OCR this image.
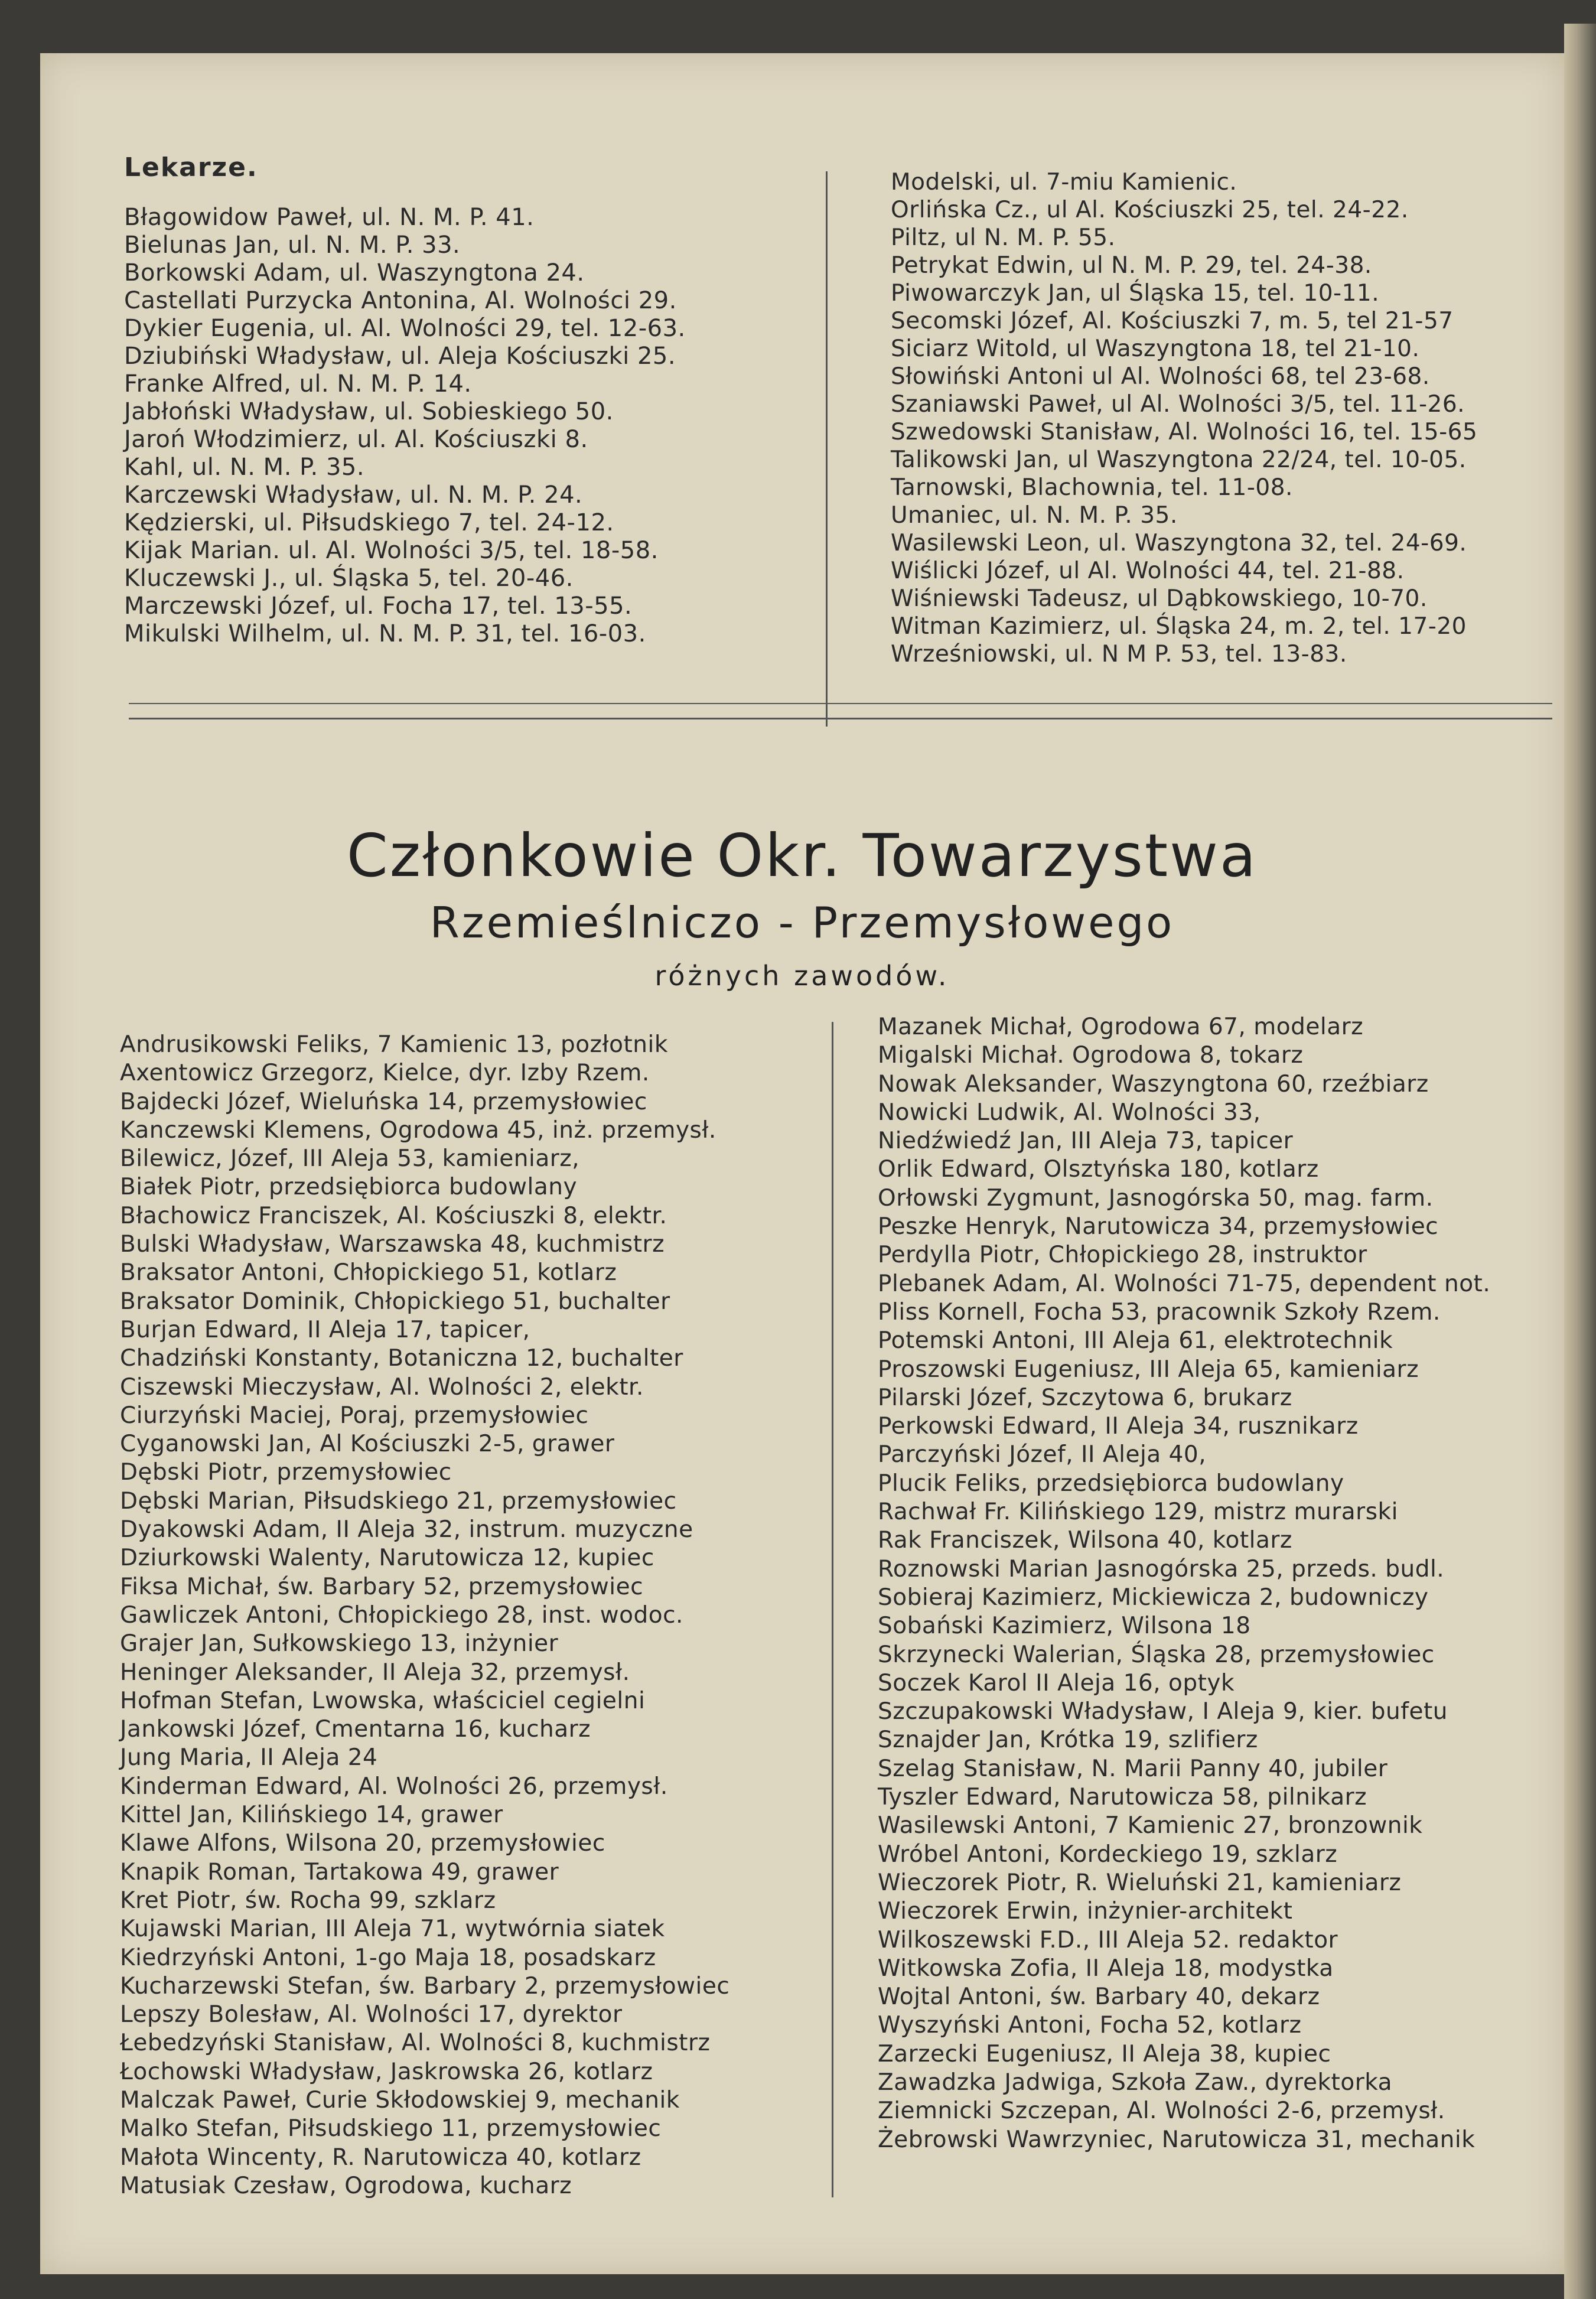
Lekarze.
Błagowidow Paweł, ul. N. M. P. 41.
Bielunas Jan, ul. N. M. P. 33.
Borkowski Adam, ul. Waszyngtona 24.
Castellati Purzycka Antonina, Al. Wolności 29.
Dykier Eugenia, ul. Al. Wolności 29, tel. 12-63.
Dziubiński Władysław, ul. Aleja Kościuszki 25.
Franke Alfred, ul. N. M. P. 14.
Jabłoński Władysław, ul. Sobieskiego 50.
Jaroń Włodzimierz, ul. Al. Kościuszki 8.
Kahl, ul. N. M. P. 35.
Karczewski Władysław, ul. N. M. P. 24.
Kędzierski, ul. Piłsudskiego 7, tel. 24-12.
Kijak Marian. ul. Al. Wolności 3/5, tel. 18-58.
Kluczewski J., ul. Śląska 5, tel. 20-46.
Marczewski Józef, ul. Focha 17, tel. 13-55.
Mikulski Wilhelm, ul. N. M. P. 31, tel. 16-03.
Modelski, ul. 7-miu Kamienic.
Orlińska Cz., ul Al. Kościuszki 25, tel. 24-22.
Piltz, ul N. M. P. 55.
Petrykat Edwin, ul N. M. P. 29, tel. 24-38.
Piwowarczyk Jan, ul Śląska 15, tel. 10-11.
Secomski Józef, Al. Kościuszki 7, m. 5, tel 21-57
Siciarz Witold, ul Waszyngtona 18, tel 21-10.
Słowiński Antoni ul Al. Wolności 68, tel 23-68.
Szaniawski Paweł, ul Al. Wolności 3/5, tel. 11-26.
Szwedowski Stanisław, Al. Wolności 16, tel. 15-65
Talikowski Jan, ul Waszyngtona 22/24, tel. 10-05.
Tarnowski, Blachownia, tel. 11-08.
Umaniec, ul. N. M. P. 35.
Wasilewski Leon, ul. Waszyngtona 32, tel. 24-69.
Wiślicki Józef, ul Al. Wolności 44, tel. 21-88.
Wiśniewski Tadeusz, ul Dąbkowskiego, 10-70.
Witman Kazimierz, ul. Śląska 24, m. 2, tel. 17-20
Wrześniowski, ul. N M P. 53, tel. 13-83.
Członkowie Okr. Towarzystwa
Rzemieślniczo - Przemysłowego
różnych zawodów.
Andrusikowski Feliks, 7 Kamienic 13, pozłotnik
Axentowicz Grzegorz, Kielce, dyr. Izby Rzem.
Bajdecki Józef, Wieluńska 14, przemysłowiec
Kanczewski Klemens, Ogrodowa 45, inż. przemysł.
Bilewicz, Józef, III Aleja 53, kamieniarz,
Białek Piotr, przedsiębiorca budowlany
Błachowicz Franciszek, Al. Kościuszki 8, elektr.
Bulski Władysław, Warszawska 48, kuchmistrz
Braksator Antoni, Chłopickiego 51, kotlarz
Braksator Dominik, Chłopickiego 51, buchalter
Burjan Edward, II Aleja 17, tapicer,
Chadziński Konstanty, Botaniczna 12, buchalter
Ciszewski Mieczysław, Al. Wolności 2, elektr.
Ciurzyński Maciej, Poraj, przemysłowiec
Cyganowski Jan, Al Kościuszki 2-5, grawer
Dębski Piotr, przemysłowiec
Dębski Marian, Piłsudskiego 21, przemysłowiec
Dyakowski Adam, II Aleja 32, instrum. muzyczne
Dziurkowski Walenty, Narutowicza 12, kupiec
Fiksa Michał, św. Barbary 52, przemysłowiec
Gawliczek Antoni, Chłopickiego 28, inst. wodoc.
Grajer Jan, Sułkowskiego 13, inżynier
Heninger Aleksander, II Aleja 32, przemysł.
Hofman Stefan, Lwowska, właściciel cegielni
Jankowski Józef, Cmentarna 16, kucharz
Jung Maria, II Aleja 24
Kinderman Edward, Al. Wolności 26, przemysł.
Kittel Jan, Kilińskiego 14, grawer
Klawe Alfons, Wilsona 20, przemysłowiec
Knapik Roman, Tartakowa 49, grawer
Kret Piotr, św. Rocha 99, szklarz
Kujawski Marian, III Aleja 71, wytwórnia siatek
Kiedrzyński Antoni, 1-go Maja 18, posadskarz
Kucharzewski Stefan, św. Barbary 2, przemysłowiec
Lepszy Bolesław, Al. Wolności 17, dyrektor
Łebedzyński Stanisław, Al. Wolności 8, kuchmistrz
Łochowski Władysław, Jaskrowska 26, kotlarz
Malczak Paweł, Curie Skłodowskiej 9, mechanik
Malko Stefan, Piłsudskiego 11, przemysłowiec
Małota Wincenty, R. Narutowicza 40, kotlarz
Matusiak Czesław, Ogrodowa, kucharz
Mazanek Michał, Ogrodowa 67, modelarz
Migalski Michał. Ogrodowa 8, tokarz
Nowak Aleksander, Waszyngtona 60, rzeźbiarz
Nowicki Ludwik, Al. Wolności 33,
Niedźwiedź Jan, III Aleja 73, tapicer
Orlik Edward, Olsztyńska 180, kotlarz
Orłowski Zygmunt, Jasnogórska 50, mag. farm.
Peszke Henryk, Narutowicza 34, przemysłowiec
Perdylla Piotr, Chłopickiego 28, instruktor
Plebanek Adam, Al. Wolności 71-75, dependent not.
Pliss Kornell, Focha 53, pracownik Szkoły Rzem.
Potemski Antoni, III Aleja 61, elektrotechnik
Proszowski Eugeniusz, III Aleja 65, kamieniarz
Pilarski Józef, Szczytowa 6, brukarz
Perkowski Edward, II Aleja 34, rusznikarz
Parczyński Józef, II Aleja 40,
Plucik Feliks, przedsiębiorca budowlany
Rachwał Fr. Kilińskiego 129, mistrz murarski
Rak Franciszek, Wilsona 40, kotlarz
Roznowski Marian Jasnogórska 25, przeds. budl.
Sobieraj Kazimierz, Mickiewicza 2, budowniczy
Sobański Kazimierz, Wilsona 18
Skrzynecki Walerian, Śląska 28, przemysłowiec
Soczek Karol II Aleja 16, optyk
Szczupakowski Władysław, I Aleja 9, kier. bufetu
Sznajder Jan, Krótka 19, szlifierz
Szelag Stanisław, N. Marii Panny 40, jubiler
Tyszler Edward, Narutowicza 58, pilnikarz
Wasilewski Antoni, 7 Kamienic 27, bronzownik
Wróbel Antoni, Kordeckiego 19, szklarz
Wieczorek Piotr, R. Wieluński 21, kamieniarz
Wieczorek Erwin, inżynier-architekt
Wilkoszewski F.D., III Aleja 52. redaktor
Witkowska Zofia, II Aleja 18, modystka
Wojtal Antoni, św. Barbary 40, dekarz
Wyszyński Antoni, Focha 52, kotlarz
Zarzecki Eugeniusz, II Aleja 38, kupiec
Zawadzka Jadwiga, Szkoła Zaw., dyrektorka
Ziemnicki Szczepan, Al. Wolności 2-6, przemysł.
Żebrowski Wawrzyniec, Narutowicza 31, mechanik
